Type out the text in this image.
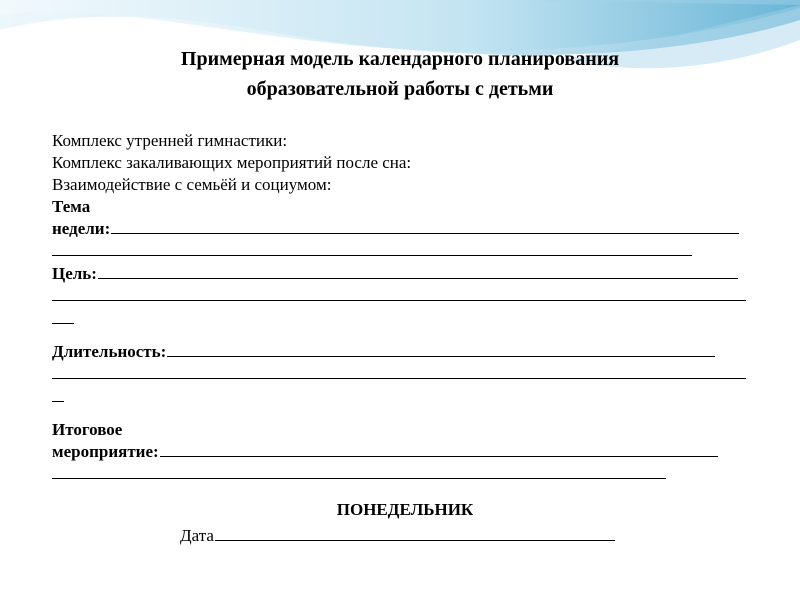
Примерная модель календарного планирования
образовательной работы с детьми
Комплекс утренней гимнастики:
Комплекс закаливающих мероприятий после сна:
Взаимодействие с семьёй и социумом:
Тема
недели:
Цель:
Длительность:
Итоговое
мероприятие:
ПОНЕДЕЛЬНИК
Дата
